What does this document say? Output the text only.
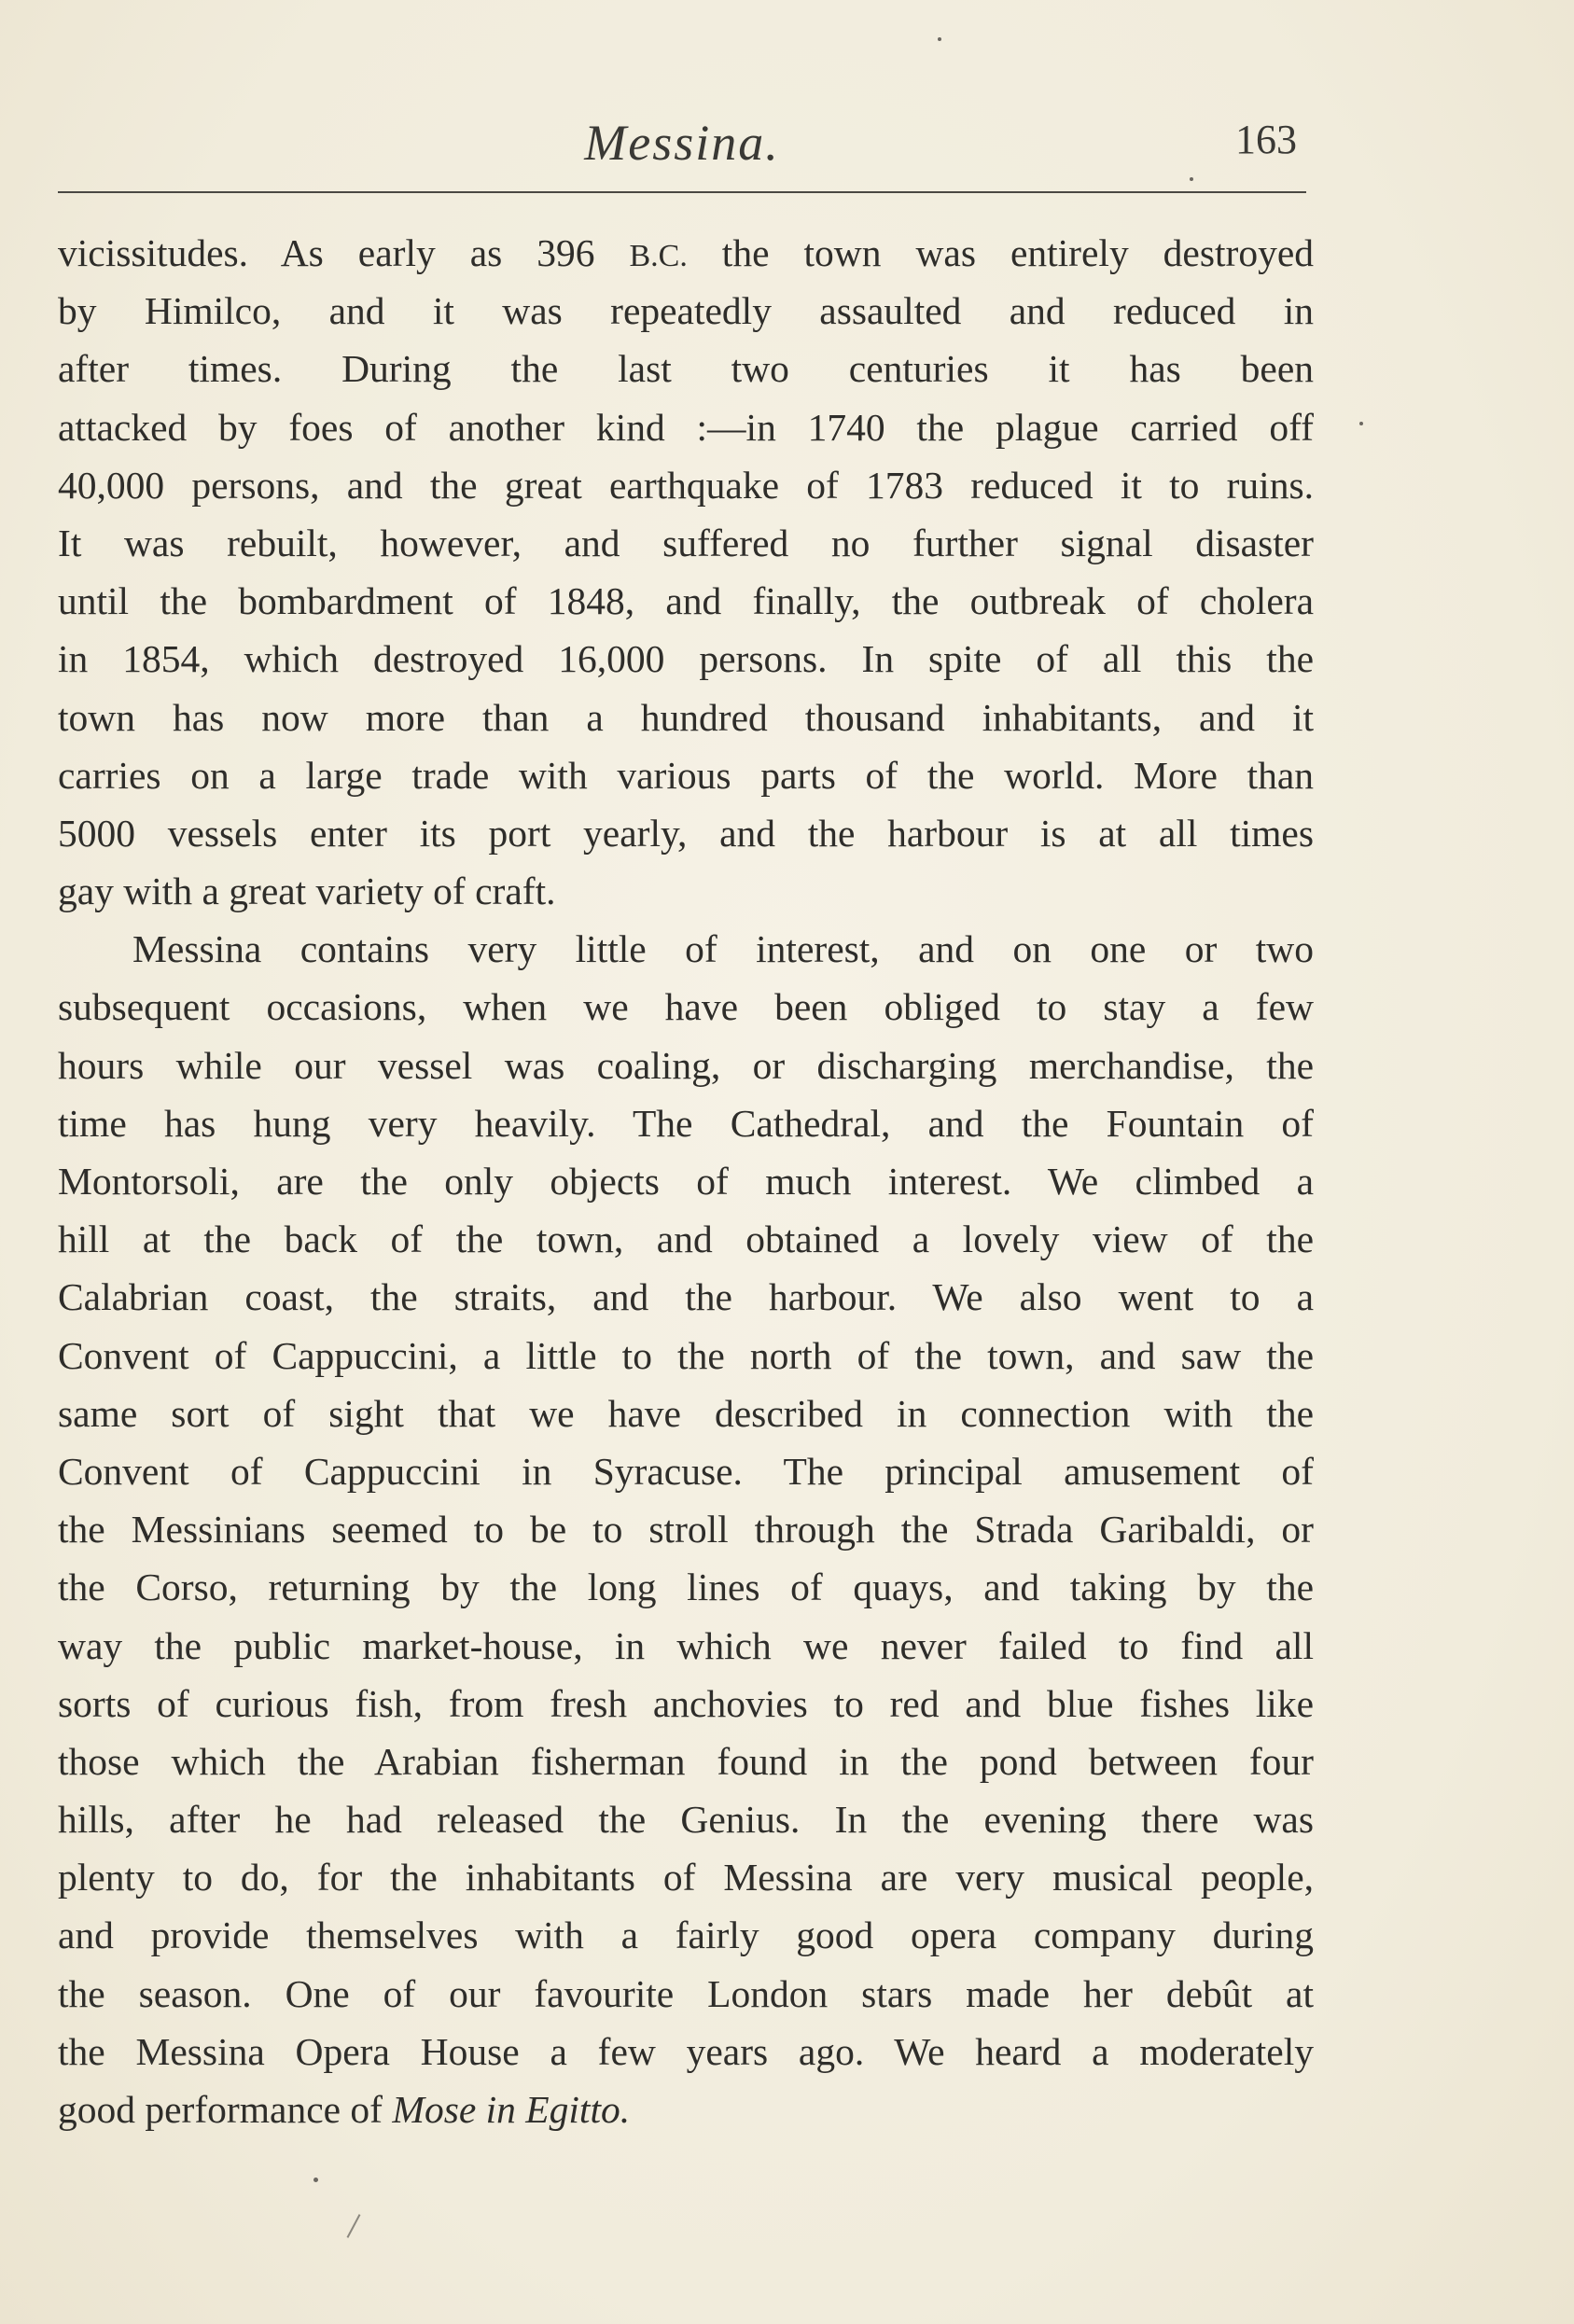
Messina.	163
vicissitudes. As early as 396 B.C. the town was entirely destroyed
by Himilco, and it was repeatedly assaulted and reduced in
after times. During the last two centuries it has been
attacked by foes of another kind :—in 1740 the plague carried off
40,000 persons, and the great earthquake of 1783 reduced it to ruins.
It was rebuilt, however, and suffered no further signal disaster
until the bombardment of 1848, and finally, the outbreak of cholera
in 1854, which destroyed 16,000 persons. In spite of all this the
town has now more than a hundred thousand inhabitants, and it
carries on a large trade with various parts of the world. More than
5000 vessels enter its port yearly, and the harbour is at all times
gay with a great variety of craft.
Messina contains very little of interest, and on one or two
subsequent occasions, when we have been obliged to stay a few
hours while our vessel was coaling, or discharging merchandise, the
time has hung very heavily. The Cathedral, and the Fountain of
Montorsoli, are the only objects of much interest. We climbed a
hill at the back of the town, and obtained a lovely view of the
Calabrian coast, the straits, and the harbour. We also went to a
Convent of Cappuccini, a little to the north of the town, and saw the
same sort of sight that we have described in connection with the
Convent of Cappuccini in Syracuse. The principal amusement of
the Messinians seemed to be to stroll through the Strada Garibaldi, or
the Corso, returning by the long lines of quays, and taking by the
way the public market-house, in which we never failed to find all
sorts of curious fish, from fresh anchovies to red and blue fishes like
those which the Arabian fisherman found in the pond between four
hills, after he had released the Genius. In the evening there was
plenty to do, for the inhabitants of Messina are very musical people,
and provide themselves with a fairly good opera company during
the season. One of our favourite London stars made her debût at
the Messina Opera House a few years ago. We heard a moderately
good performance of Mose in Egitto.
